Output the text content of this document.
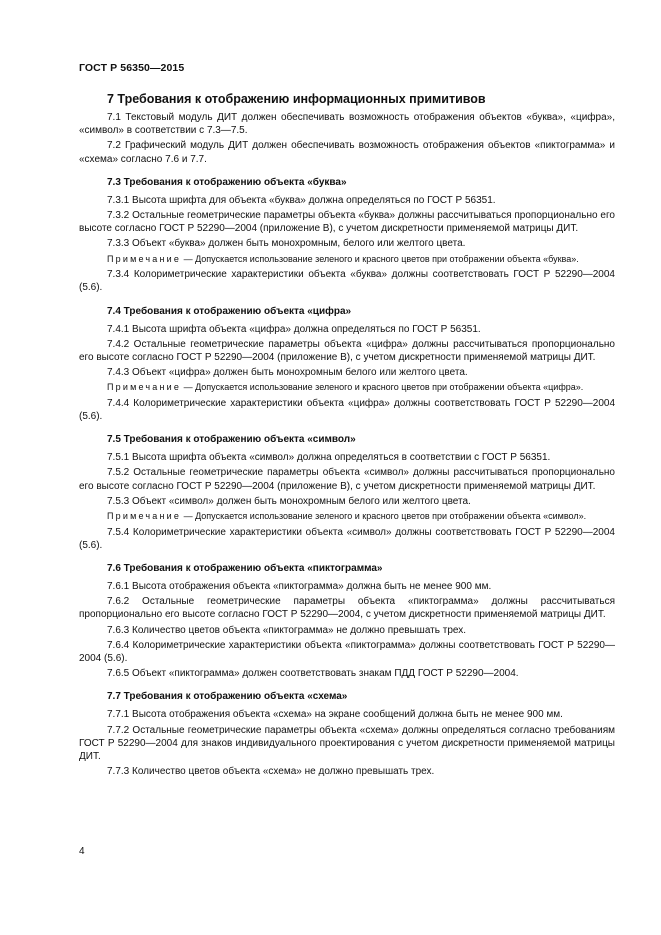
ГОСТ Р 56350—2015
7 Требования к отображению информационных примитивов

7.1 Текстовый модуль ДИТ должен обеспечивать возможность отображения объектов «буква», «цифра», «символ» в соответствии с 7.3—7.5.

7.2 Графический модуль ДИТ должен обеспечивать возможность отображения объектов «пиктограмма» и «схема» согласно 7.6 и 7.7.

7.3 Требования к отображению объекта «буква»

7.3.1 Высота шрифта для объекта «буква» должна определяться по ГОСТ Р 56351.

7.3.2 Остальные геометрические параметры объекта «буква» должны рассчитываться пропорционально его высоте согласно ГОСТ Р 52290—2004 (приложение В), с учетом дискретности применяемой матрицы ДИТ.

7.3.3 Объект «буква» должен быть монохромным, белого или желтого цвета.

Примечание — Допускается использование зеленого и красного цветов при отображении объекта «буква».

7.3.4 Колориметрические характеристики объекта «буква» должны соответствовать ГОСТ Р 52290—2004 (5.6).

7.4 Требования к отображению объекта «цифра»

7.4.1 Высота шрифта объекта «цифра» должна определяться по ГОСТ Р 56351.

7.4.2 Остальные геометрические параметры объекта «цифра» должны рассчитываться пропорционально его высоте согласно ГОСТ Р 52290—2004 (приложение В), с учетом дискретности применяемой матрицы ДИТ.

7.4.3 Объект «цифра» должен быть монохромным белого или желтого цвета.

Примечание — Допускается использование зеленого и красного цветов при отображении объекта «цифра».

7.4.4 Колориметрические характеристики объекта «цифра» должны соответствовать ГОСТ Р 52290—2004 (5.6).

7.5 Требования к отображению объекта «символ»

7.5.1 Высота шрифта объекта «символ» должна определяться в соответствии с ГОСТ Р 56351.

7.5.2 Остальные геометрические параметры объекта «символ» должны рассчитываться пропорционально его высоте согласно ГОСТ Р 52290—2004 (приложение В), с учетом дискретности применяемой матрицы ДИТ.

7.5.3 Объект «символ» должен быть монохромным белого или желтого цвета.

Примечание — Допускается использование зеленого и красного цветов при отображении объекта «символ».

7.5.4 Колориметрические характеристики объекта «символ» должны соответствовать ГОСТ Р 52290—2004 (5.6).

7.6 Требования к отображению объекта «пиктограмма»

7.6.1 Высота отображения объекта «пиктограмма» должна быть не менее 900 мм.

7.6.2 Остальные геометрические параметры объекта «пиктограмма» должны рассчитываться пропорционально его высоте согласно ГОСТ Р 52290—2004, с учетом дискретности применяемой матрицы ДИТ.

7.6.3 Количество цветов объекта «пиктограмма» не должно превышать трех.

7.6.4 Колориметрические характеристики объекта «пиктограмма» должны соответствовать ГОСТ Р 52290—2004 (5.6).

7.6.5 Объект «пиктограмма» должен соответствовать знакам ПДД ГОСТ Р 52290—2004.

7.7 Требования к отображению объекта «схема»

7.7.1 Высота отображения объекта «схема» на экране сообщений должна быть не менее 900 мм.

7.7.2 Остальные геометрические параметры объекта «схема» должны определяться согласно требованиям ГОСТ Р 52290—2004 для знаков индивидуального проектирования с учетом дискретности применяемой матрицы ДИТ.

7.7.3 Количество цветов объекта «схема» не должно превышать трех.

4
